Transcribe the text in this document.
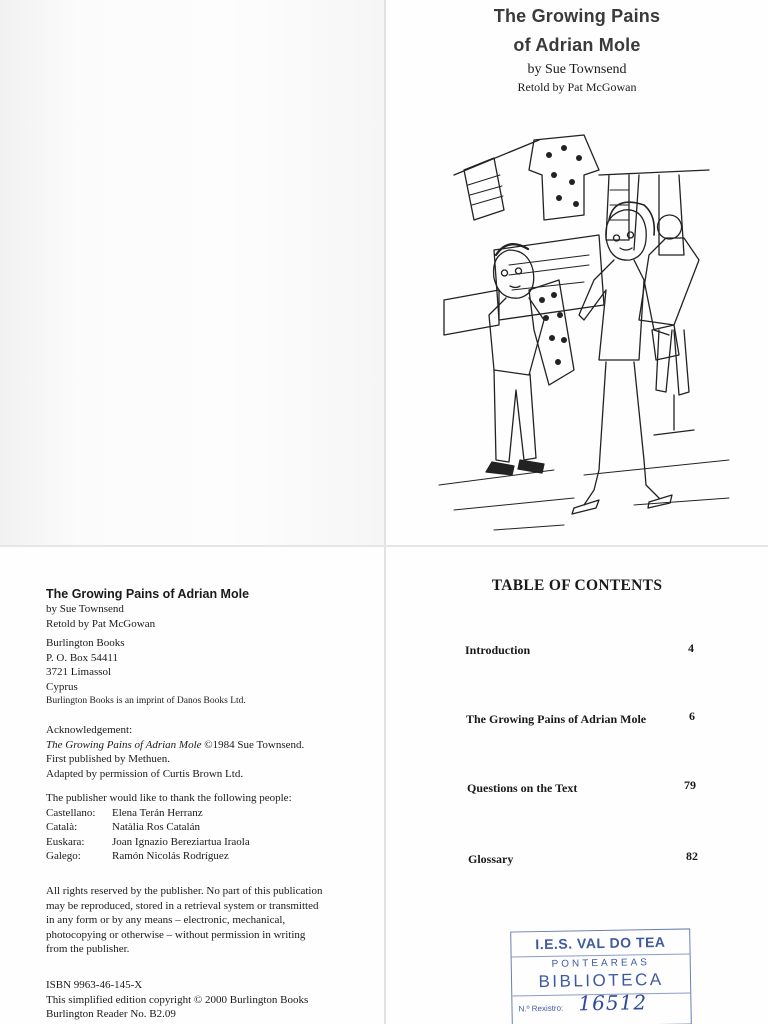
The Growing Pains
of Adrian Mole
by Sue Townsend
Retold by Pat McGowan
The Growing Pains of Adrian Mole
by Sue Townsend
Retold by Pat McGowan
Burlington Books
P. O. Box 54411
3721 Limassol
Cyprus
Burlington Books is an imprint of Danos Books Ltd.
Acknowledgement:
The Growing Pains of Adrian Mole ©1984 Sue Townsend.
First published by Methuen.
Adapted by permission of Curtis Brown Ltd.
The publisher would like to thank the following people:
Castellano:	Elena Terán Herranz
Català:	Natàlia Ros Catalán
Euskara:	Joan Ignazio Bereziartua Iraola
Galego:	Ramón Nicolás Rodríguez
All rights reserved by the publisher. No part of this publication
may be reproduced, stored in a retrieval system or transmitted
in any form or by any means – electronic, mechanical,
photocopying or otherwise – without permission in writing
from the publisher.
ISBN 9963-46-145-X
This simplified edition copyright © 2000 Burlington Books
Burlington Reader No. B2.09
TABLE OF CONTENTS
Introduction	4
The Growing Pains of Adrian Mole	6
Questions on the Text	79
Glossary	82
I.E.S. VAL DO TEA
PONTEAREAS
BIBLIOTECA
N.º Rexistro: 16512
